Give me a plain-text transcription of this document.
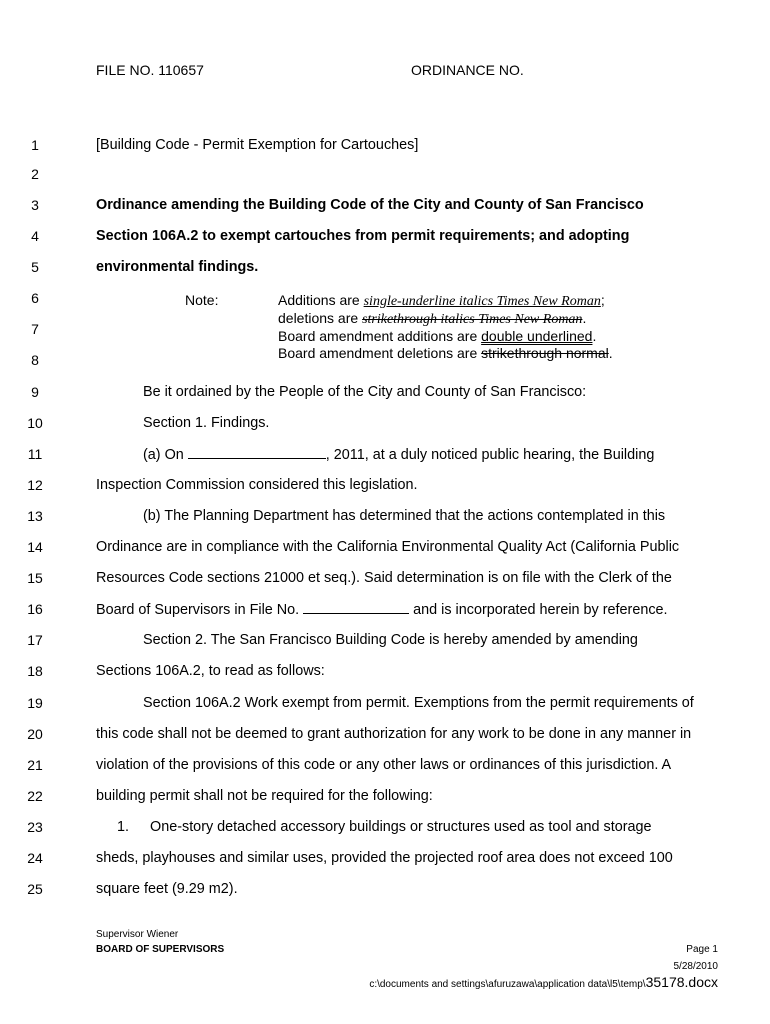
FILE NO. 110657	ORDINANCE NO.
1
2
3
4
5
6
7
8
9
10
11
12
13
14
15
16
17
18
19
20
21
22
23
24
25
[Building Code - Permit Exemption for Cartouches]
Ordinance amending the Building Code of the City and County of San Francisco
Section 106A.2 to exempt cartouches from permit requirements; and adopting
environmental findings.
Note:	Additions are single-underline italics Times New Roman;
deletions are strikethrough italics Times New Roman.
Board amendment additions are double underlined.
Board amendment deletions are strikethrough normal.
Be it ordained by the People of the City and County of San Francisco:
Section 1. Findings.
(a) On	, 2011, at a duly noticed public hearing, the Building
Inspection Commission considered this legislation.
(b) The Planning Department has determined that the actions contemplated in this
Ordinance are in compliance with the California Environmental Quality Act (California Public
Resources Code sections 21000 et seq.). Said determination is on file with the Clerk of the
Board of Supervisors in File No.	and is incorporated herein by reference.
Section 2. The San Francisco Building Code is hereby amended by amending
Sections 106A.2, to read as follows:
Section 106A.2 Work exempt from permit. Exemptions from the permit requirements of
this code shall not be deemed to grant authorization for any work to be done in any manner in
violation of the provisions of this code or any other laws or ordinances of this jurisdiction. A
building permit shall not be required for the following:
1. One-story detached accessory buildings or structures used as tool and storage
sheds, playhouses and similar uses, provided the projected roof area does not exceed 100
square feet (9.29 m2).
Supervisor Wiener
BOARD OF SUPERVISORS	Page 1
5/28/2010
c:\documents and settings\afuruzawa\application data\l5\temp\35178.docx
